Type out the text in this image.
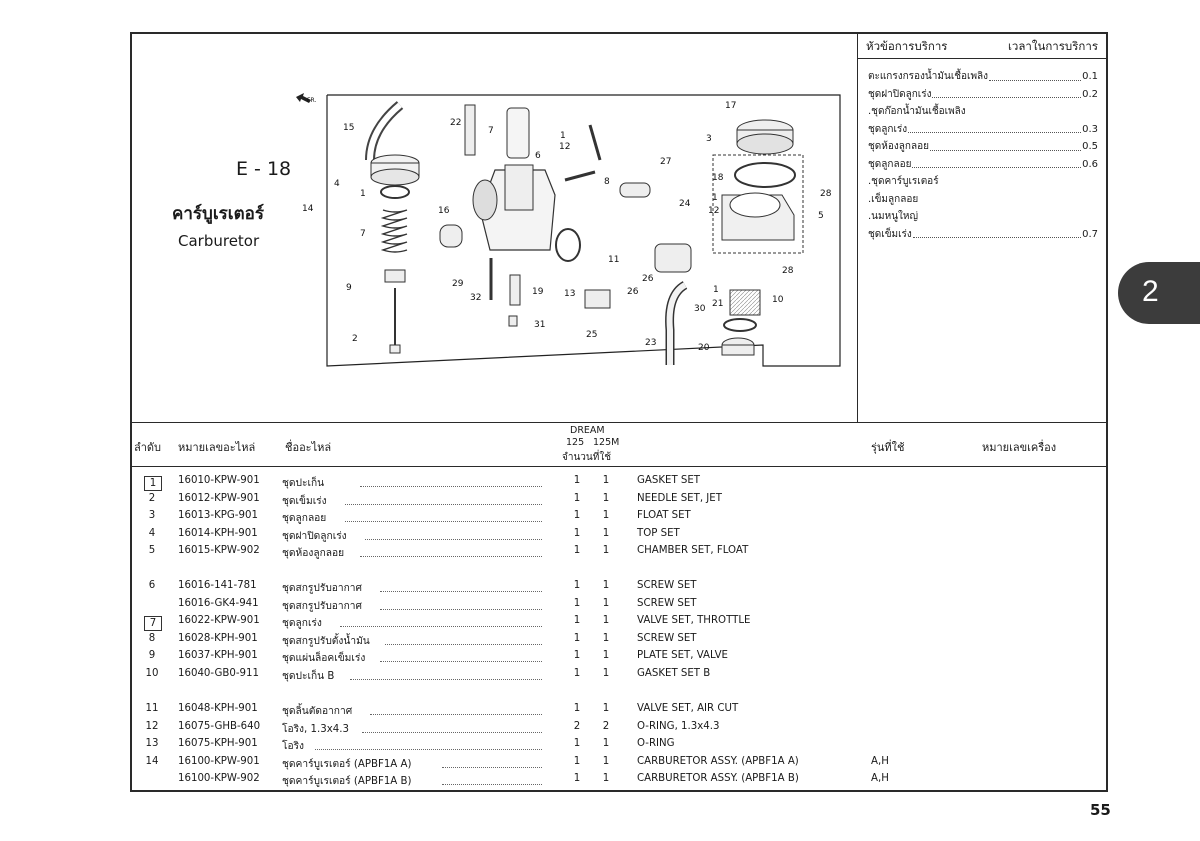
15
4
1
14
7
9
2
22
7
16
29
32
19
31
1
12
6
8
27
24
11
13
26
26
25
30
23
17
3
18
1
12
28
5
28
1
21	10
20
FR.
E - 18
คาร์บูเรเตอร์
Carburetor
หัวข้อการบริการ	เวลาในการบริการ
ตะแกรงกรองน้ำมันเชื้อเพลิง	0.1
ชุดฝาปิดลูกเร่ง	0.2
.ชุดก๊อกน้ำมันเชื้อเพลิง
ชุดลูกเร่ง	0.3
ชุดห้องลูกลอย	0.5
ชุดลูกลอย	0.6
.ชุดคาร์บูเรเตอร์
.เข็มลูกลอย
.นมหนูใหญ่
ชุดเข็มเร่ง	0.7
ลำดับ หมายเลขอะไหล่	ชื่ออะไหล่
DREAM
125 125M
จำนวนที่ใช้
รุ่นที่ใช้	หมายเลขเครื่อง
1	16010-KPW-901 ชุดปะเก็น	1 1	GASKET SET
2	16012-KPW-901 ชุดเข็มเร่ง	1 1	NEEDLE SET, JET
3	16013-KPG-901 ชุดลูกลอย	1 1	FLOAT SET
4	16014-KPH-901 ชุดฝาปิดลูกเร่ง	1 1	TOP SET
5	16015-KPW-902 ชุดห้องลูกลอย	1 1	CHAMBER SET, FLOAT
6	16016-141-781 ชุดสกรูปรับอากาศ	1 1	SCREW SET
16016-GK4-941 ชุดสกรูปรับอากาศ	1 1	SCREW SET
7	16022-KPW-901 ชุดลูกเร่ง	1 1	VALVE SET, THROTTLE
8	16028-KPH-901 ชุดสกรูปรับตั้งน้ำมัน	1 1	SCREW SET
9	16037-KPH-901 ชุดแผ่นล็อคเข็มเร่ง	1 1	PLATE SET, VALVE
10 16040-GB0-911 ชุดปะเก็น B	1 1	GASKET SET B
11 16048-KPH-901 ชุดลิ้นตัดอากาศ	1 1	VALVE SET, AIR CUT
12 16075-GHB-640 โอริง, 1.3x4.3	2 2	O-RING, 1.3x4.3
13 16075-KPH-901 โอริง	1 1	O-RING
14 16100-KPW-901 ชุดคาร์บูเรเตอร์ (APBF1A A)	1 1	CARBURETOR ASSY. (APBF1A A)	A,H
16100-KPW-902 ชุดคาร์บูเรเตอร์ (APBF1A B)	1 1	CARBURETOR ASSY. (APBF1A B)	A,H
2
55
